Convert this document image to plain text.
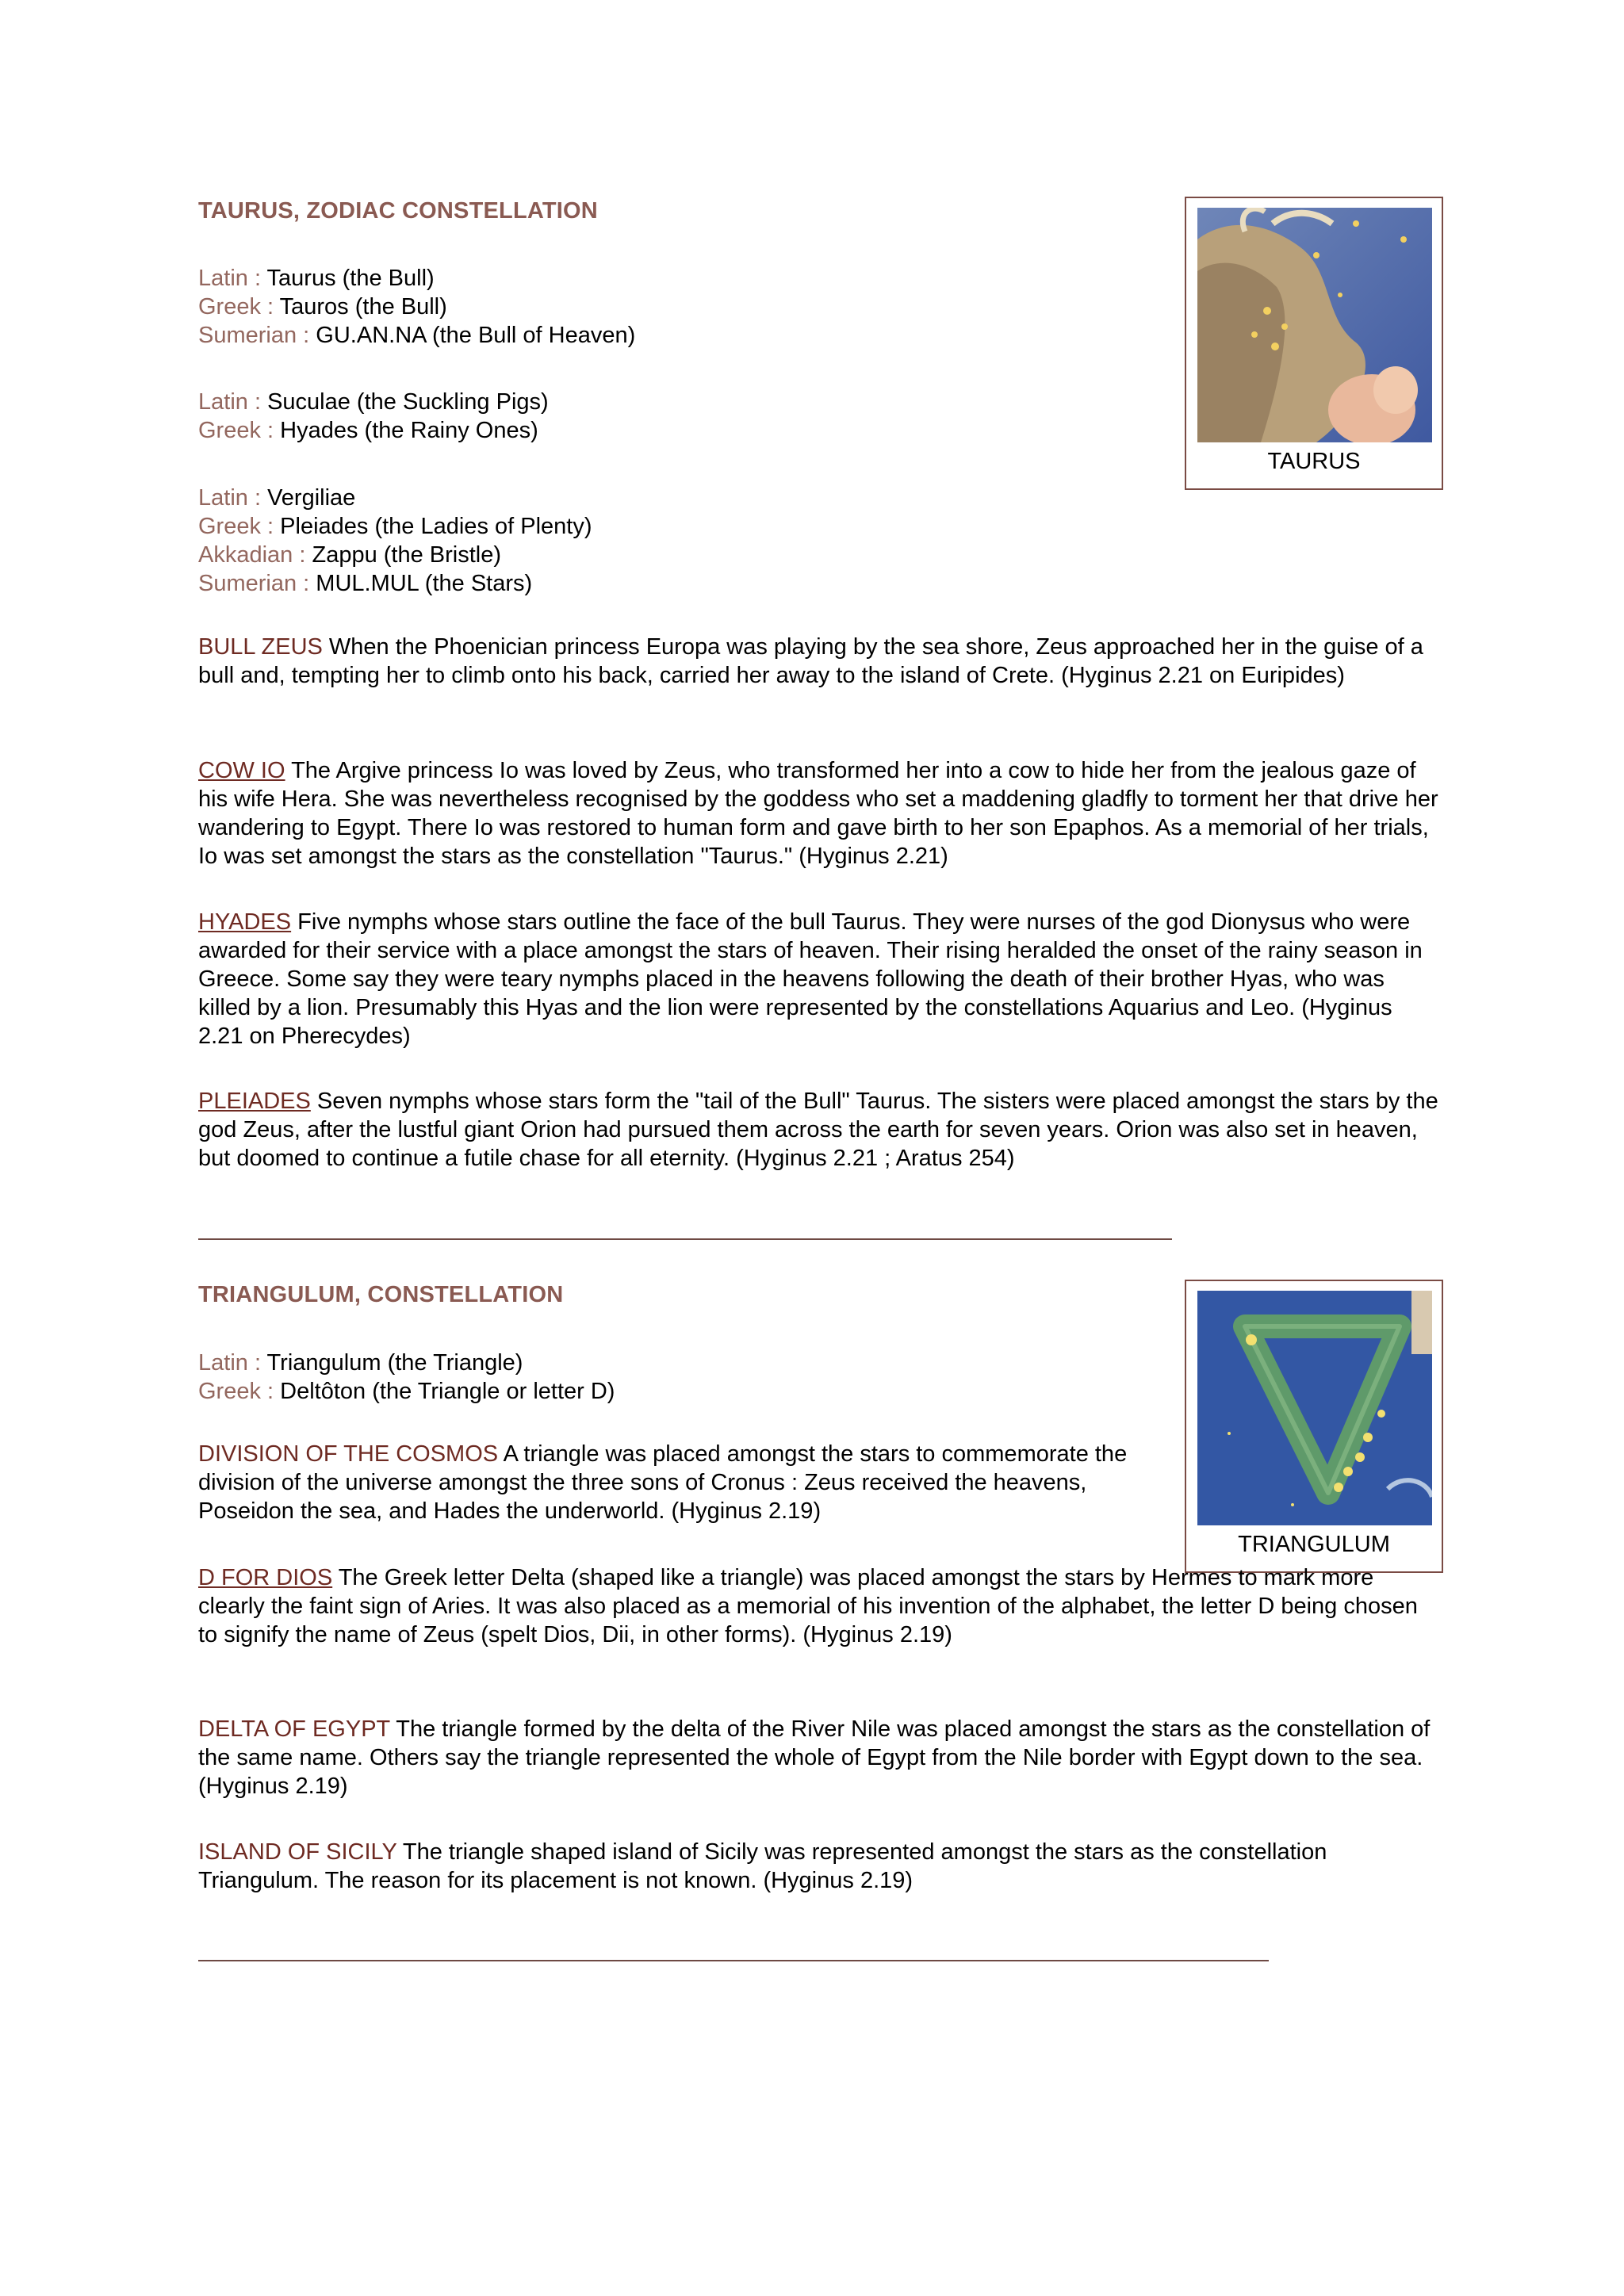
TAURUS, ZODIAC CONSTELLATION
Latin : Taurus (the Bull)
Greek : Tauros (the Bull)
Sumerian : GU.AN.NA (the Bull of Heaven)
Latin : Suculae (the Suckling Pigs)
Greek : Hyades (the Rainy Ones)
Latin : Vergiliae
Greek : Pleiades (the Ladies of Plenty)
Akkadian : Zappu (the Bristle)
Sumerian : MUL.MUL (the Stars)
TAURUS

BULL ZEUS When the Phoenician princess Europa was playing by the sea shore, Zeus approached her in the guise of a bull and, tempting her to climb onto his back, carried her away to the island of Crete. (Hyginus 2.21 on Euripides)

COW IO The Argive princess Io was loved by Zeus, who transformed her into a cow to hide her from the jealous gaze of his wife Hera. She was nevertheless recognised by the goddess who set a maddening gladfly to torment her that drive her wandering to Egypt. There Io was restored to human form and gave birth to her son Epaphos. As a memorial of her trials, Io was set amongst the stars as the constellation "Taurus." (Hyginus 2.21)

HYADES Five nymphs whose stars outline the face of the bull Taurus. They were nurses of the god Dionysus who were awarded for their service with a place amongst the stars of heaven. Their rising heralded the onset of the rainy season in Greece. Some say they were teary nymphs placed in the heavens following the death of their brother Hyas, who was killed by a lion. Presumably this Hyas and the lion were represented by the constellations Aquarius and Leo. (Hyginus 2.21 on Pherecydes)

PLEIADES Seven nymphs whose stars form the "tail of the Bull" Taurus. The sisters were placed amongst the stars by the god Zeus, after the lustful giant Orion had pursued them across the earth for seven years. Orion was also set in heaven, but doomed to continue a futile chase for all eternity. (Hyginus 2.21 ; Aratus 254)

TRIANGULUM, CONSTELLATION
Latin : Triangulum (the Triangle)
Greek : Deltôton (the Triangle or letter D)
TRIANGULUM

DIVISION OF THE COSMOS A triangle was placed amongst the stars to commemorate the division of the universe amongst the three sons of Cronus : Zeus received the heavens, Poseidon the sea, and Hades the underworld. (Hyginus 2.19)

D FOR DIOS The Greek letter Delta (shaped like a triangle) was placed amongst the stars by Hermes to mark more clearly the faint sign of Aries. It was also placed as a memorial of his invention of the alphabet, the letter D being chosen to signify the name of Zeus (spelt Dios, Dii, in other forms). (Hyginus 2.19)

DELTA OF EGYPT The triangle formed by the delta of the River Nile was placed amongst the stars as the constellation of the same name. Others say the triangle represented the whole of Egypt from the Nile border with Egypt down to the sea. (Hyginus 2.19)

ISLAND OF SICILY The triangle shaped island of Sicily was represented amongst the stars as the constellation Triangulum. The reason for its placement is not known. (Hyginus 2.19)
